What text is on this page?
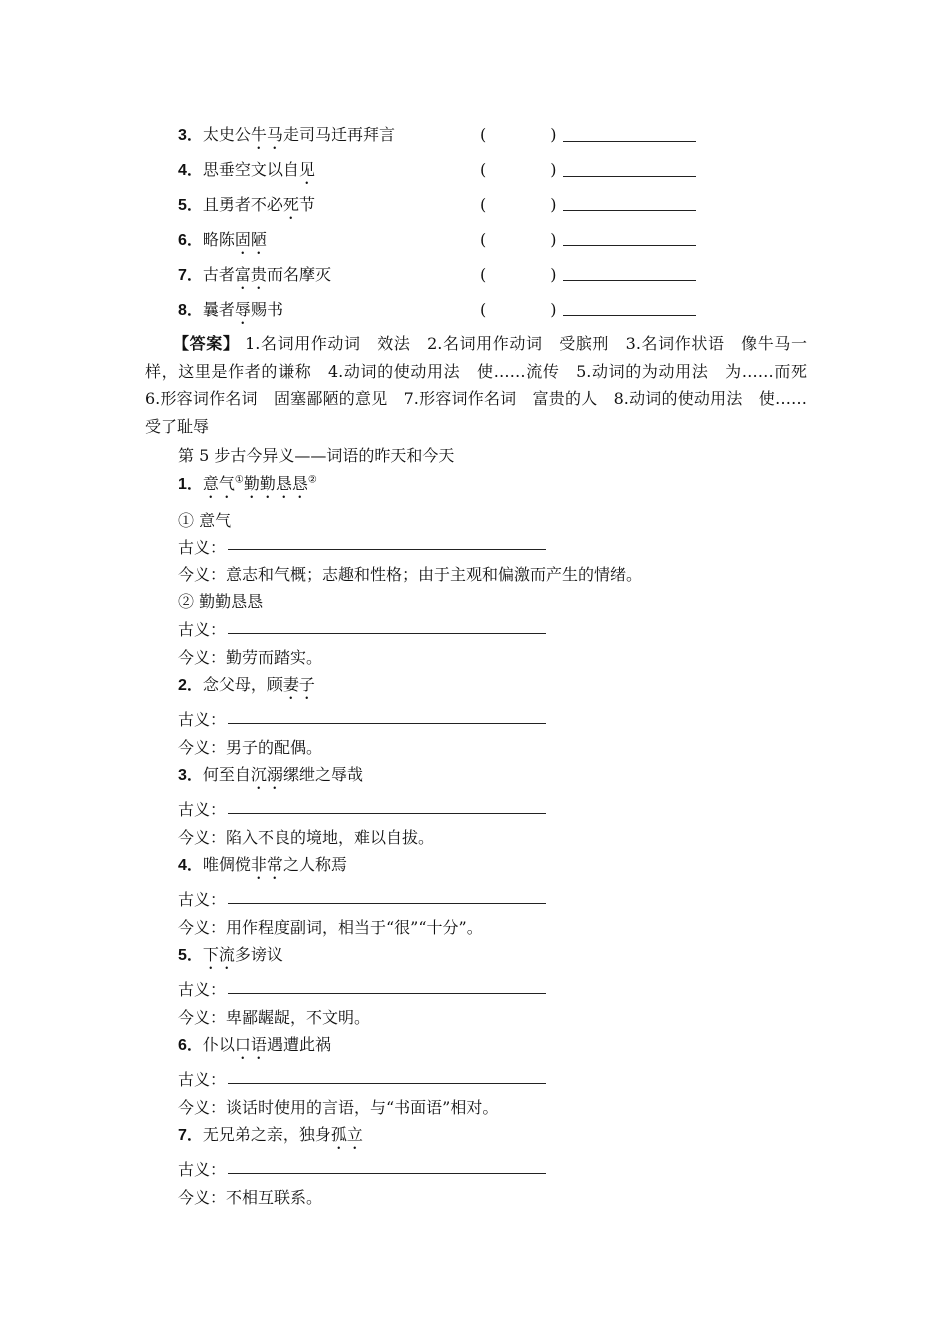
3．太史公牛马走司马迁再拜言	(　　　　)
4．思垂空文以自见	(　　　　)
5．且勇者不必死节	(　　　　)
6．略陈固陋	(　　　　)
7．古者富贵而名摩灭	(　　　　)
8．曩者辱赐书	(　　　　)
【答案】 1.名词用作动词　效法　2.名词用作动词　受膑刑　3.名词作状语　像牛马一样，这里是作者的谦称　4.动词的使动用法　使……流传　5.动词的为动用法　为……而死　6.形容词作名词　固塞鄙陋的意见　7.形容词作名词　富贵的人　8.动词的使动用法　使……受了耻辱
第 5 步古今异义——词语的昨天和今天
1．意气①勤勤恳恳②
① 意气
古义：
今义：意志和气概；志趣和性格；由于主观和偏激而产生的情绪。
② 勤勤恳恳
古义：
今义：勤劳而踏实。
2．念父母，顾妻子
古义：
今义：男子的配偶。
3．何至自沉溺缧绁之辱哉
古义：
今义：陷入不良的境地，难以自拔。
4．唯倜傥非常之人称焉
古义：
今义：用作程度副词，相当于“很”“十分”。
5．下流多谤议
古义：
今义：卑鄙龌龊，不文明。
6．仆以口语遇遭此祸
古义：
今义：谈话时使用的言语，与“书面语”相对。
7．无兄弟之亲，独身孤立
古义：
今义：不相互联系。
